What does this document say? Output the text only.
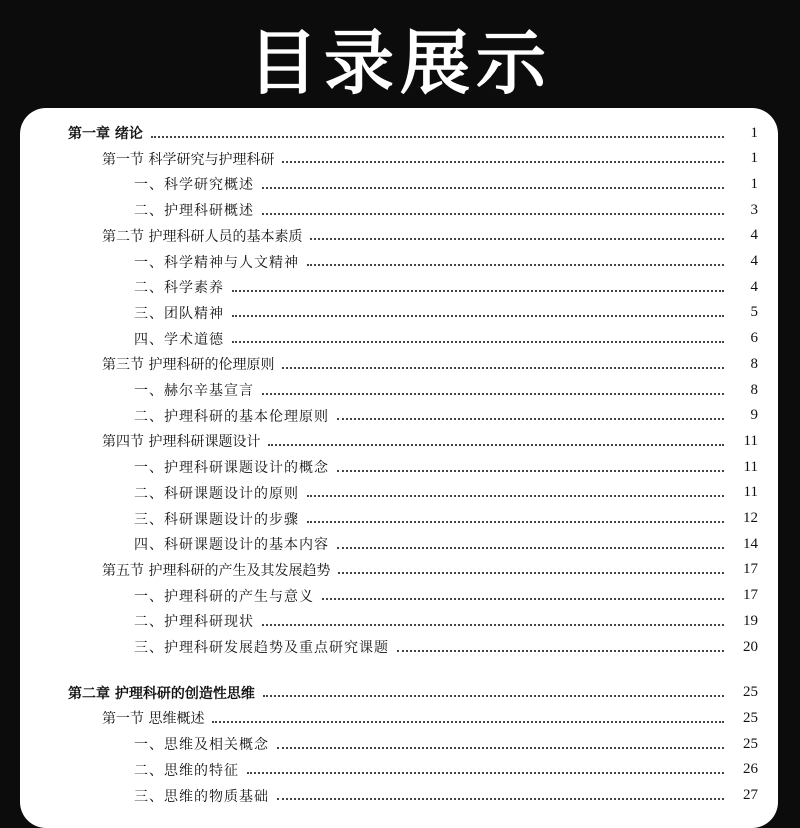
目录展示
第一章 绪论	1
第一节 科学研究与护理科研	1
一、科学研究概述	1
二、护理科研概述	3
第二节 护理科研人员的基本素质	4
一、科学精神与人文精神	4
二、科学素养	4
三、团队精神	5
四、学术道德	6
第三节 护理科研的伦理原则	8
一、赫尔辛基宣言	8
二、护理科研的基本伦理原则	9
第四节 护理科研课题设计	11
一、护理科研课题设计的概念	11
二、科研课题设计的原则	11
三、科研课题设计的步骤	12
四、科研课题设计的基本内容	14
第五节 护理科研的产生及其发展趋势	17
一、护理科研的产生与意义	17
二、护理科研现状	19
三、护理科研发展趋势及重点研究课题	20
第二章 护理科研的创造性思维	25
第一节 思维概述	25
一、思维及相关概念	25
二、思维的特征	26
三、思维的物质基础	27
